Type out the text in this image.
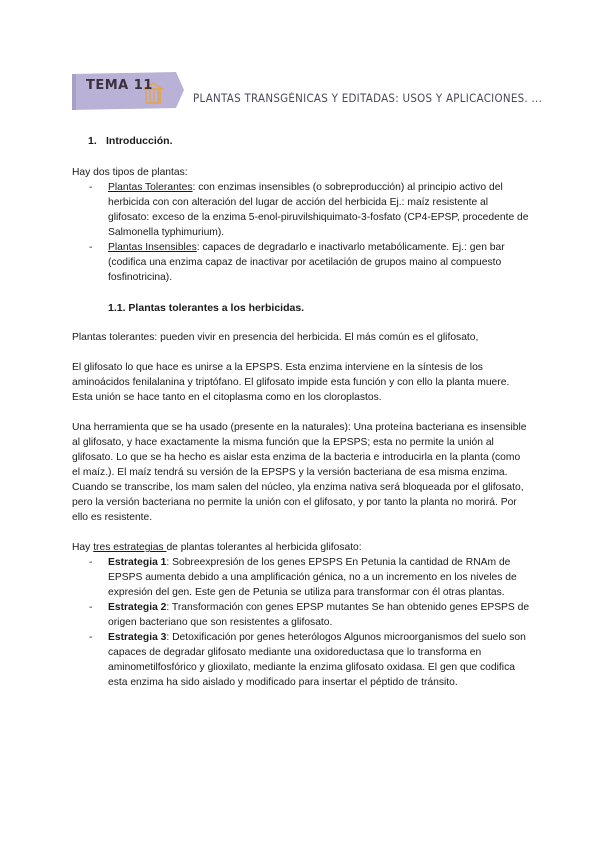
TEMA 11
PLANTAS TRANSGÉNICAS Y EDITADAS: USOS Y APLICACIONES. ...
1. Introducción.

Hay dos tipos de plantas:

- Plantas Tolerantes: con enzimas insensibles (o sobreproducción) al principio activo del herbicida con con alteración del lugar de acción del herbicida Ej.: maíz resistente al glifosato: exceso de la enzima 5-enol-piruvilshiquimato-3-fosfato (CP4-EPSP, procedente de Salmonella typhimurium).
- Plantas Insensibles: capaces de degradarlo e inactivarlo metabólicamente. Ej.: gen bar (codifica una enzima capaz de inactivar por acetilación de grupos maino al compuesto fosfinotricina).
1.1. Plantas tolerantes a los herbicidas.

Plantas tolerantes: pueden vivir en presencia del herbicida. El más común es el glifosato,

El glifosato lo que hace es unirse a la EPSPS. Esta enzima interviene en la síntesis de los aminoácidos fenilalanina y triptófano. El glifosato impide esta función y con ello la planta muere. Esta unión se hace tanto en el citoplasma como en los cloroplastos.

Una herramienta que se ha usado (presente en la naturales): Una proteína bacteriana es insensible al glifosato, y hace exactamente la misma función que la EPSPS; esta no permite la unión al glifosato. Lo que se ha hecho es aislar esta enzima de la bacteria e introducirla en la planta (como el maíz.). El maíz tendrá su versión de la EPSPS y la versión bacteriana de esa misma enzima. Cuando se transcribe, los mam salen del núcleo, yla enzima nativa será bloqueada por el glifosato, pero la versión bacteriana no permite la unión con el glifosato, y por tanto la planta no morirá. Por ello es resistente.

Hay tres estrategias de plantas tolerantes al herbicida glifosato:

- Estrategia 1: Sobreexpresión de los genes EPSPS En Petunia la cantidad de RNAm de EPSPS aumenta debido a una amplificación génica, no a un incremento en los niveles de expresión del gen. Este gen de Petunia se utiliza para transformar con él otras plantas.
- Estrategia 2: Transformación con genes EPSP mutantes Se han obtenido genes EPSPS de origen bacteriano que son resistentes a glifosato.
- Estrategia 3: Detoxificación por genes heterólogos Algunos microorganismos del suelo son capaces de degradar glifosato mediante una oxidoreductasa que lo transforma en aminometilfosfórico y glioxilato, mediante la enzima glifosato oxidasa. El gen que codifica esta enzima ha sido aislado y modificado para insertar el péptido de tránsito.
